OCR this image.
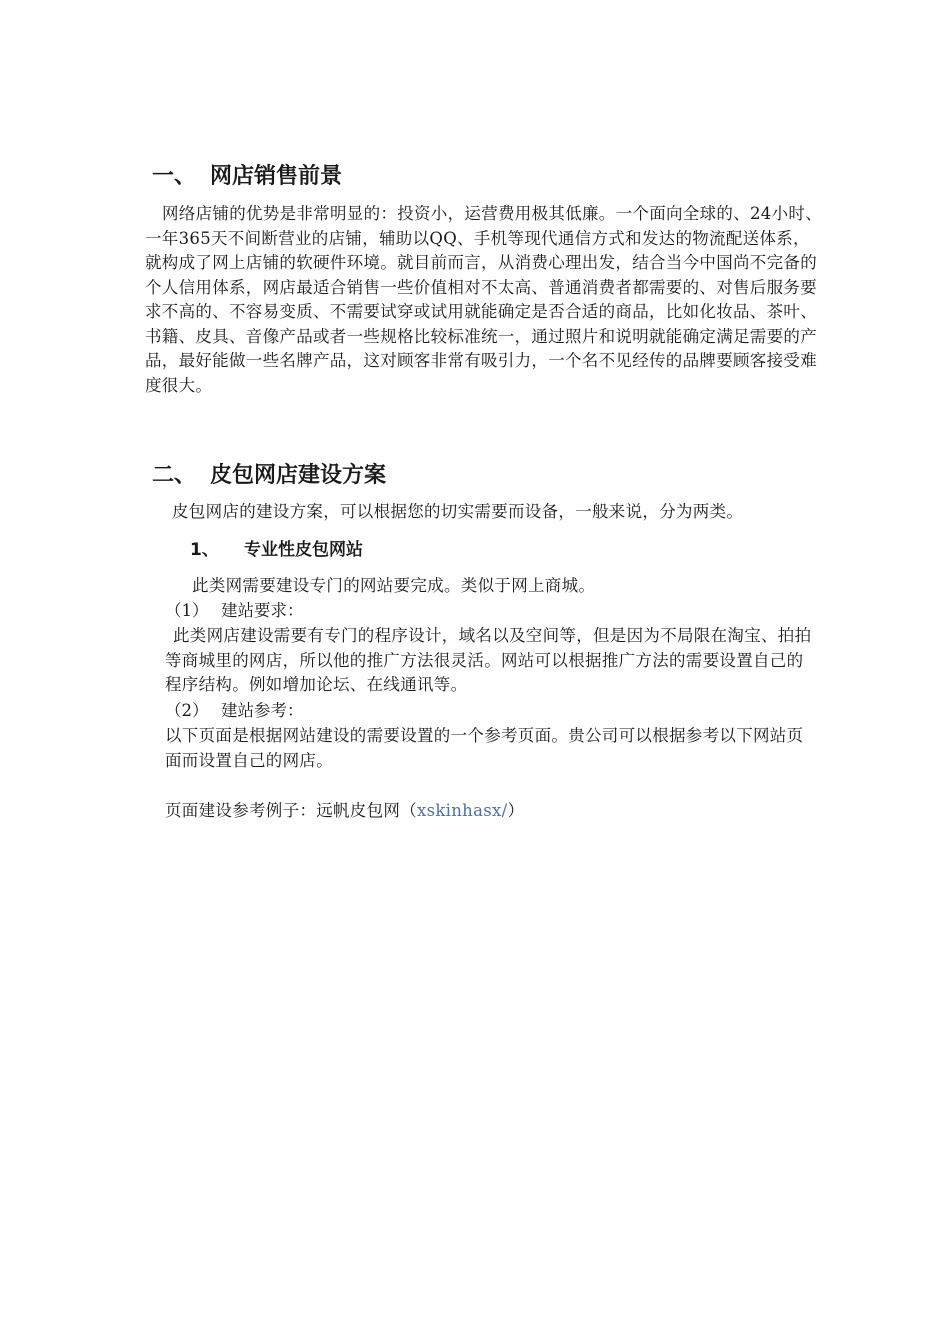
一、 网店销售前景

网络店铺的优势是非常明显的：投资小，运营费用极其低廉。一个面向全球的、24小时、一年365天不间断营业的店铺，辅助以QQ、手机等现代通信方式和发达的物流配送体系，就构成了网上店铺的软硬件环境。就目前而言，从消费心理出发，结合当今中国尚不完备的个人信用体系，网店最适合销售一些价值相对不太高、普通消费者都需要的、对售后服务要求不高的、不容易变质、不需要试穿或试用就能确定是否合适的商品，比如化妆品、茶叶、书籍、皮具、音像产品或者一些规格比较标准统一，通过照片和说明就能确定满足需要的产品，最好能做一些名牌产品，这对顾客非常有吸引力，一个名不见经传的品牌要顾客接受难度很大。

二、 皮包网店建设方案

皮包网店的建设方案，可以根据您的切实需要而设备，一般来说，分为两类。

1、 专业性皮包网站

此类网需要建设专门的网站要完成。类似于网上商城。

（1） 建站要求：

此类网店建设需要有专门的程序设计，域名以及空间等，但是因为不局限在淘宝、拍拍等商城里的网店，所以他的推广方法很灵活。网站可以根据推广方法的需要设置自己的程序结构。例如增加论坛、在线通讯等。

（2） 建站参考：

以下页面是根据网站建设的需要设置的一个参考页面。贵公司可以根据参考以下网站页面而设置自己的网店。

页面建设参考例子：远帆皮包网（xskinhasx/）
